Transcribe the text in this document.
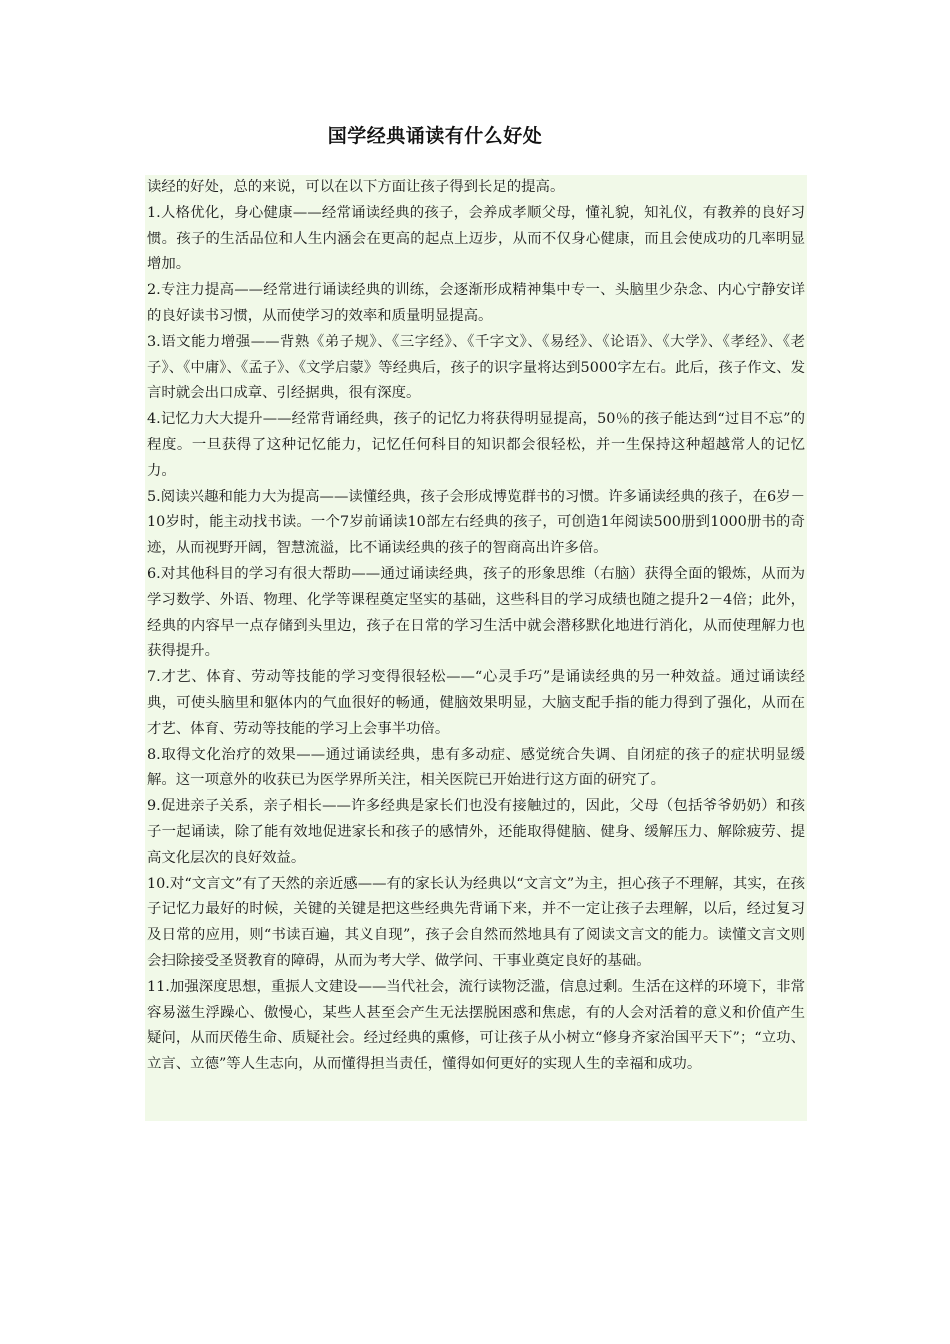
国学经典诵读有什么好处

读经的好处，总的来说，可以在以下方面让孩子得到长足的提高。

1.人格优化，身心健康——经常诵读经典的孩子，会养成孝顺父母，懂礼貌，知礼仪，有教养的良好习惯。孩子的生活品位和人生内涵会在更高的起点上迈步，从而不仅身心健康，而且会使成功的几率明显增加。

2.专注力提高——经常进行诵读经典的训练，会逐渐形成精神集中专一、头脑里少杂念、内心宁静安详的良好读书习惯，从而使学习的效率和质量明显提高。

3.语文能力增强——背熟《弟子规》、《三字经》、《千字文》、《易经》、《论语》、《大学》、《孝经》、《老子》、《中庸》、《孟子》、《文学启蒙》等经典后，孩子的识字量将达到5000字左右。此后，孩子作文、发言时就会出口成章、引经据典，很有深度。

4.记忆力大大提升——经常背诵经典，孩子的记忆力将获得明显提高，50％的孩子能达到“过目不忘”的程度。一旦获得了这种记忆能力，记忆任何科目的知识都会很轻松，并一生保持这种超越常人的记忆力。

5.阅读兴趣和能力大为提高——读懂经典，孩子会形成博览群书的习惯。许多诵读经典的孩子，在6岁－10岁时，能主动找书读。一个7岁前诵读10部左右经典的孩子，可创造1年阅读500册到1000册书的奇迹，从而视野开阔，智慧流溢，比不诵读经典的孩子的智商高出许多倍。

6.对其他科目的学习有很大帮助——通过诵读经典，孩子的形象思维（右脑）获得全面的锻炼，从而为学习数学、外语、物理、化学等课程奠定坚实的基础，这些科目的学习成绩也随之提升2－4倍；此外，经典的内容早一点存储到头里边，孩子在日常的学习生活中就会潜移默化地进行消化，从而使理解力也获得提升。

7.才艺、体育、劳动等技能的学习变得很轻松——“心灵手巧”是诵读经典的另一种效益。通过诵读经典，可使头脑里和躯体内的气血很好的畅通，健脑效果明显，大脑支配手指的能力得到了强化，从而在才艺、体育、劳动等技能的学习上会事半功倍。

8.取得文化治疗的效果——通过诵读经典，患有多动症、感觉统合失调、自闭症的孩子的症状明显缓解。这一项意外的收获已为医学界所关注，相关医院已开始进行这方面的研究了。

9.促进亲子关系，亲子相长——许多经典是家长们也没有接触过的，因此，父母（包括爷爷奶奶）和孩子一起诵读，除了能有效地促进家长和孩子的感情外，还能取得健脑、健身、缓解压力、解除疲劳、提高文化层次的良好效益。

10.对“文言文”有了天然的亲近感——有的家长认为经典以“文言文”为主，担心孩子不理解，其实，在孩子记忆力最好的时候，关键的关键是把这些经典先背诵下来，并不一定让孩子去理解，以后，经过复习及日常的应用，则“书读百遍，其义自现”，孩子会自然而然地具有了阅读文言文的能力。读懂文言文则会扫除接受圣贤教育的障碍，从而为考大学、做学问、干事业奠定良好的基础。

11.加强深度思想，重振人文建设——当代社会，流行读物泛滥，信息过剩。生活在这样的环境下，非常容易滋生浮躁心、傲慢心，某些人甚至会产生无法摆脱困惑和焦虑，有的人会对活着的意义和价值产生疑问，从而厌倦生命、质疑社会。经过经典的熏修，可让孩子从小树立“修身齐家治国平天下”；“立功、立言、立德”等人生志向，从而懂得担当责任，懂得如何更好的实现人生的幸福和成功。
